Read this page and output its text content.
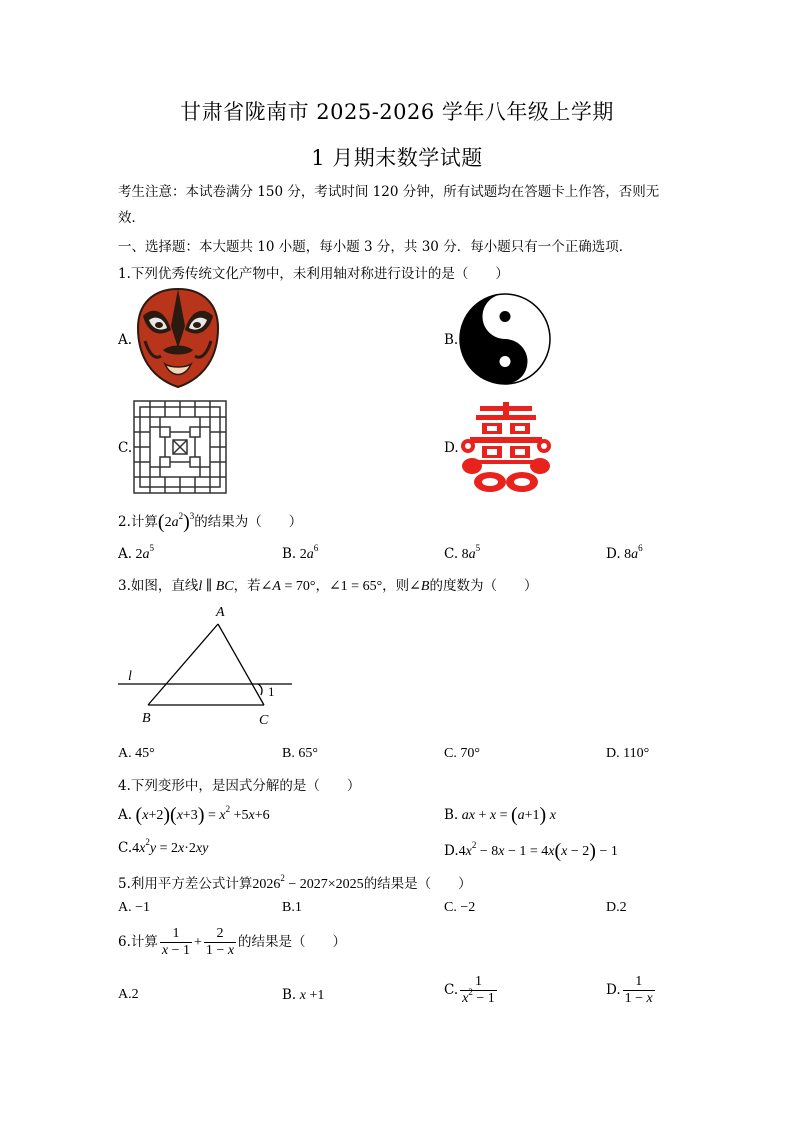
甘肃省陇南市 2025-2026 学年八年级上学期
1 月期末数学试题
考生注意：本试卷满分 150 分，考试时间 120 分钟，所有试题均在答题卡上作答，否则无
效．
一、选择题：本大题共 10 小题，每小题 3 分，共 30 分．每小题只有一个正确选项．
1.下列优秀传统文化产物中，未利用轴对称进行设计的是（　　）
A.	B.
C.	D.
2.计算$(2a^2)^3$的结果为（　　）
A. $2a^5$	B. $2a^6$	C. $8a^5$	D. $8a^6$
3.如图，直线l ∥ BC，若∠A = 70°，∠1 = 65°，则∠B的度数为（　　）
A
B	C
l
1
A. 45°	B. 65°	C. 70°	D. 110°
4.下列变形中，是因式分解的是（　　）
A. $(x+2)(x+3) = x^2 +5x+6$	B. ax + x = (a+1) x
$C.4x^2y = 2x\cdot 2xy$	$D.4x^2 - 8x - 1 = 4x(x - 2) - 1$
5.利用平方差公式计算$2026^2 - 2027\times 2025$的结果是（　　）
A. −1	B.1	C. −2	D.2
6.计算 $\frac{1}{x - 1} + \frac{2}{1 - x}$ 的结果是（　　）
A.2	B. x +1	C. $\frac{1}{x^2 - 1}$	D. $\frac{1}{1 - x}$
